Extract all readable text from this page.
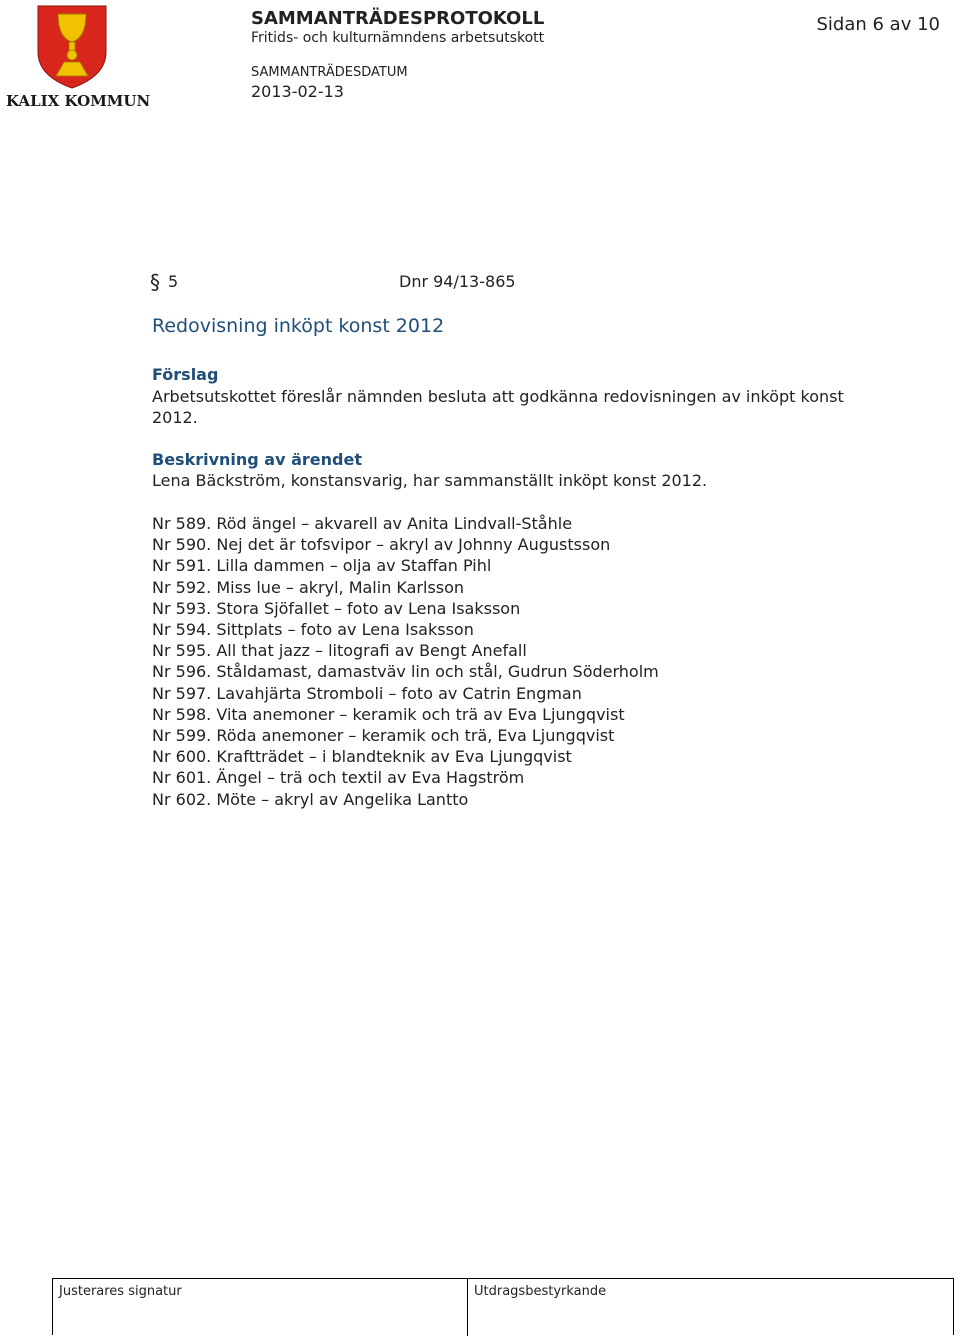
KALIX KOMMUN
SAMMANTRÄDESPROTOKOLL
Fritids- och kulturnämndens arbetsutskott
SAMMANTRÄDESDATUM
2013-02-13
Sidan 6 av 10
§ 5	Dnr 94/13-865
Redovisning inköpt konst 2012
Förslag
Arbetsutskottet föreslår nämnden besluta att godkänna redovisningen av inköpt konst 2012.
Beskrivning av ärendet
Lena Bäckström, konstansvarig, har sammanställt inköpt konst 2012.
Nr 589. Röd ängel – akvarell av Anita Lindvall-Ståhle
Nr 590. Nej det är tofsvipor – akryl av Johnny Augustsson
Nr 591. Lilla dammen – olja av Staffan Pihl
Nr 592. Miss lue – akryl, Malin Karlsson
Nr 593. Stora Sjöfallet – foto av Lena Isaksson
Nr 594. Sittplats – foto av Lena Isaksson
Nr 595. All that jazz – litografi av Bengt Anefall
Nr 596. Ståldamast, damastväv lin och stål, Gudrun Söderholm
Nr 597. Lavahjärta Stromboli – foto av Catrin Engman
Nr 598. Vita anemoner – keramik och trä av Eva Ljungqvist
Nr 599. Röda anemoner – keramik och trä, Eva Ljungqvist
Nr 600. Kraftträdet – i blandteknik av Eva Ljungqvist
Nr 601. Ängel – trä och textil av Eva Hagström
Nr 602. Möte – akryl av Angelika Lantto
Justerares signatur	Utdragsbestyrkande
